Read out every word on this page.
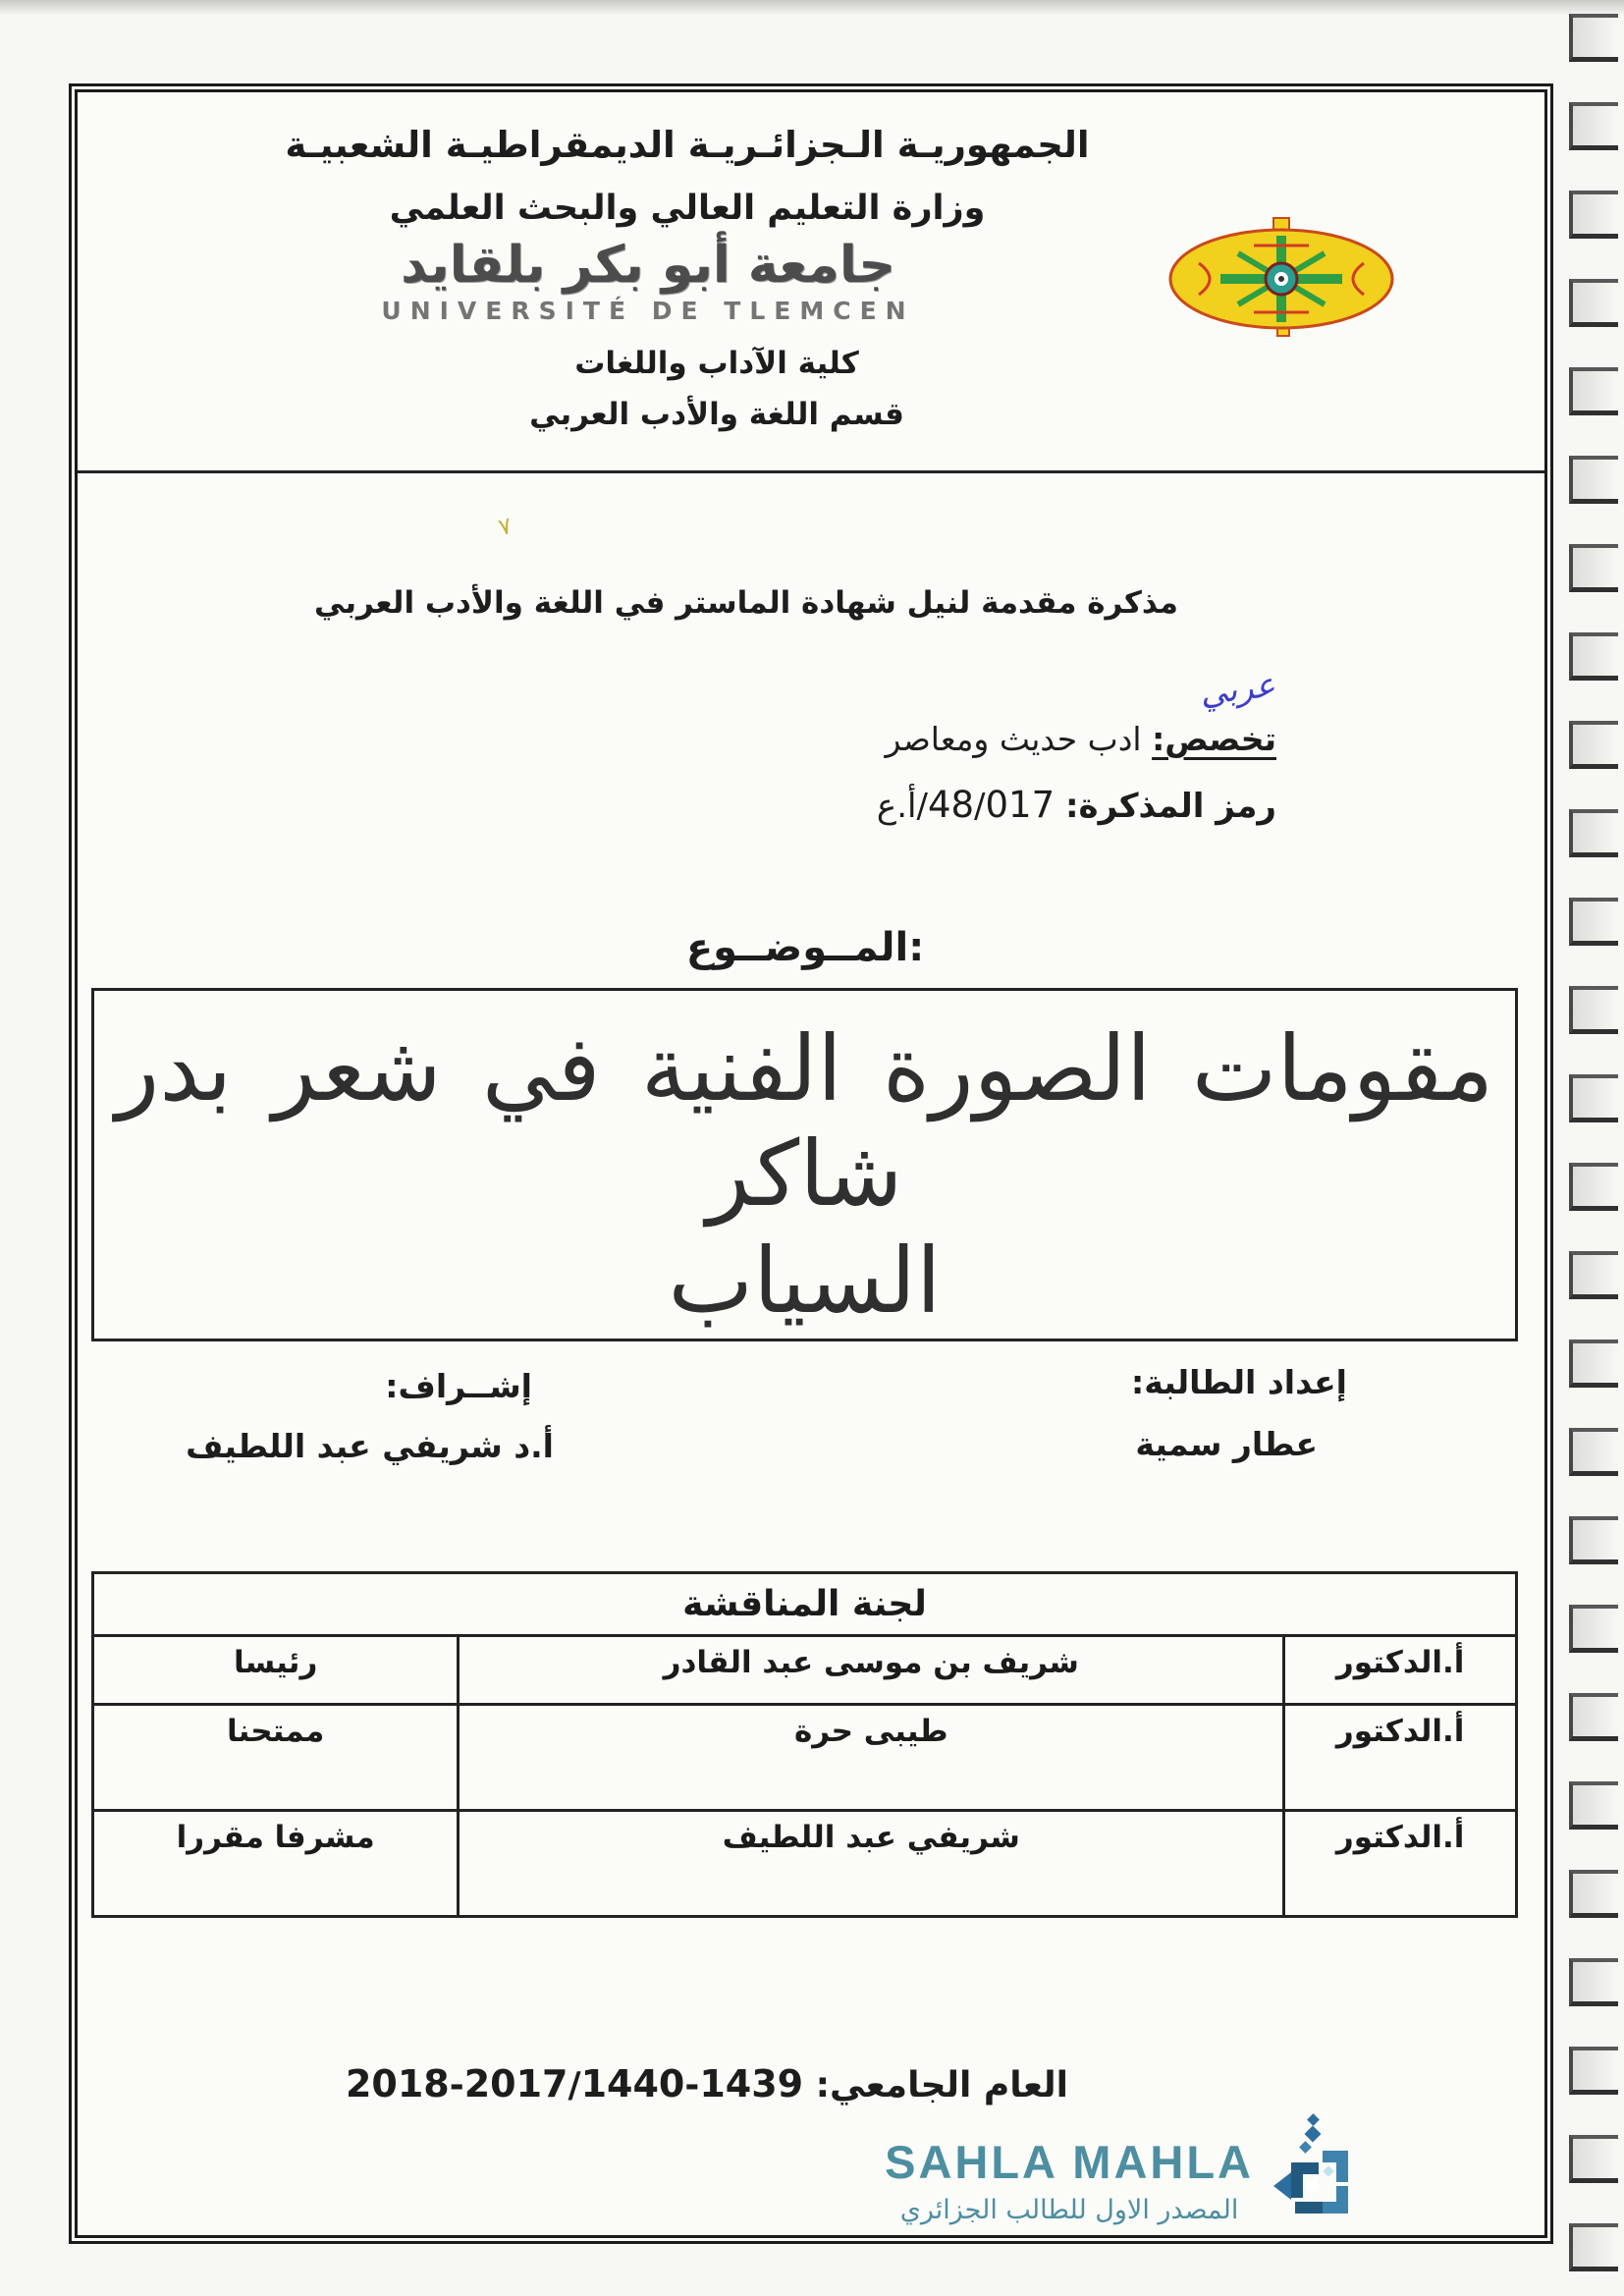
الجمهوريـة الـجزائـريـة الديمقراطيـة الشعبيـة
وزارة التعليم العالي والبحث العلمي
جامعة أبو بكر بلقايد
UNIVERSITÉ DE TLEMCEN
كلية الآداب واللغات
قسم اللغة والأدب العربي
٧
مذكرة مقدمة لنيل شهادة الماستر في اللغة والأدب العربي
تخصص: ادب حديث ومعاصر
عربي
رمز المذكرة: 017/48/أ.ع
المــوضــوع:
مقومات الصورة الفنية في شعر بدر شاكر
السياب
إعداد الطالبة:
عطار سمية
إشــراف:
أ.د شريفي عبد اللطيف
لجنة المناقشة		
أ.الدكتور	شريف بن موسى عبد القادر	رئيسا
أ.الدكتور	طيبى حرة	ممتحنا
أ.الدكتور	شريفي عبد اللطيف	مشرفا مقررا
العام الجامعي: 1439-1440/2017-2018
SAHLA MAHLA
المصدر الاول للطالب الجزائري
